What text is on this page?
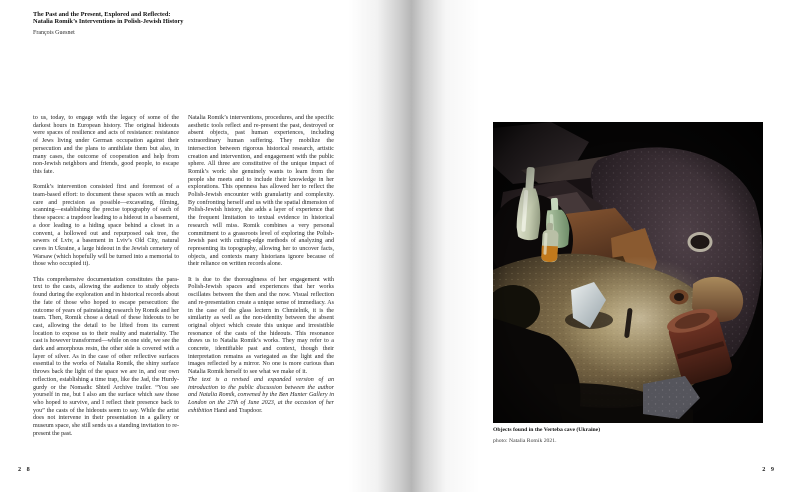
The Past and the Present, Explored and Reflected:
Natalia Romik’s Interventions in Polish-Jewish History
François Guesnet

to us, today, to engage with the legacy of some of the darkest hours in European history. The original hideouts were spaces of resilience and acts of resistance: resistance of Jews living under German occupation against their persecution and the plans to annihilate them but also, in many cases, the outcome of cooperation and help from non-Jewish neighbors and friends, good people, to escape this fate.

Romik’s intervention consisted first and foremost of a team-based effort: to document these spaces with as much care and precision as possible—excavating, filming, scanning—establishing the precise topography of each of these spaces: a trapdoor leading to a hideout in a basement, a door leading to a hiding space behind a closet in a convent, a hollowed out and repurposed oak tree, the sewers of Lviv, a basement in Lviv’s Old City, natural caves in Ukraine, a large hideout in the Jewish cemetery of Warsaw (which hopefully will be turned into a memorial to those who occupied it).

This comprehensive documentation constitutes the para-text to the casts, allowing the audience to study objects found during the exploration and in historical records about the fate of those who hoped to escape persecution: the outcome of years of painstaking research by Romik and her team. Then, Romik chose a detail of these hideouts to be cast, allowing the detail to be lifted from its current location to expose us to their reality and materiality. The cast is however transformed—while on one side, we see the dark and amorphous resin, the other side is covered with a layer of silver. As in the case of other reflective surfaces essential to the works of Natalia Romik, the shiny surface throws back the light of the space we are in, and our own reflection, establishing a time trap, like the Jad, the Hurdy-gurdy or the Nomadic Shtetl Archive trailer. “You see yourself in me, but I also am the surface which saw those who hoped to survive, and I reflect their presence back to you” the casts of the hideouts seem to say. While the artist does not intervene in their presentation in a gallery or museum space, she still sends us a standing invitation to re-present the past.

Natalia Romik’s interventions, procedures, and the specific aesthetic tools reflect and re-present the past, destroyed or absent objects, past human experiences, including extraordinary human suffering. They mobilize the intersection between rigorous historical research, artistic creation and intervention, and engagement with the public sphere. All three are constitutive of the unique impact of Romik’s work: she genuinely wants to learn from the people she meets and to include their knowledge in her explorations. This openness has allowed her to reflect the Polish-Jewish encounter with granularity and complexity. By confronting herself and us with the spatial dimension of Polish-Jewish history, she adds a layer of experience that the frequent limitation to textual evidence in historical research will miss. Romik combines a very personal commitment to a grassroots level of exploring the Polish-Jewish past with cutting-edge methods of analyzing and representing its topography, allowing her to uncover facts, objects, and contexts many historians ignore because of their reliance on written records alone.

It is due to the thoroughness of her engagement with Polish-Jewish spaces and experiences that her works oscillates between the then and the now. Visual reflection and re-presentation create a unique sense of immediacy. As in the case of the glass lectern in Chmielnik, it is the similarity as well as the non-identity between the absent original object which create this unique and irresistible resonance of the casts of the hideouts. This resonance draws us to Natalia Romik’s works. They may refer to a concrete, identifiable past and context, though their interpretation remains as variegated as the light and the images reflected by a mirror. No one is more curious than Natalia Romik herself to see what we make of it.

The text is a revised and expanded version of an introduction to the public discussion between the author and Natalia Romik, convened by the Ben Hunter Gallery in London on the 27th of June 2023, at the occasion of her exhibition Hand and Trapdoor.

2 8
Objects found in the Verteba cave (Ukraine)
photo: Natalia Romik 2021.
2 9
